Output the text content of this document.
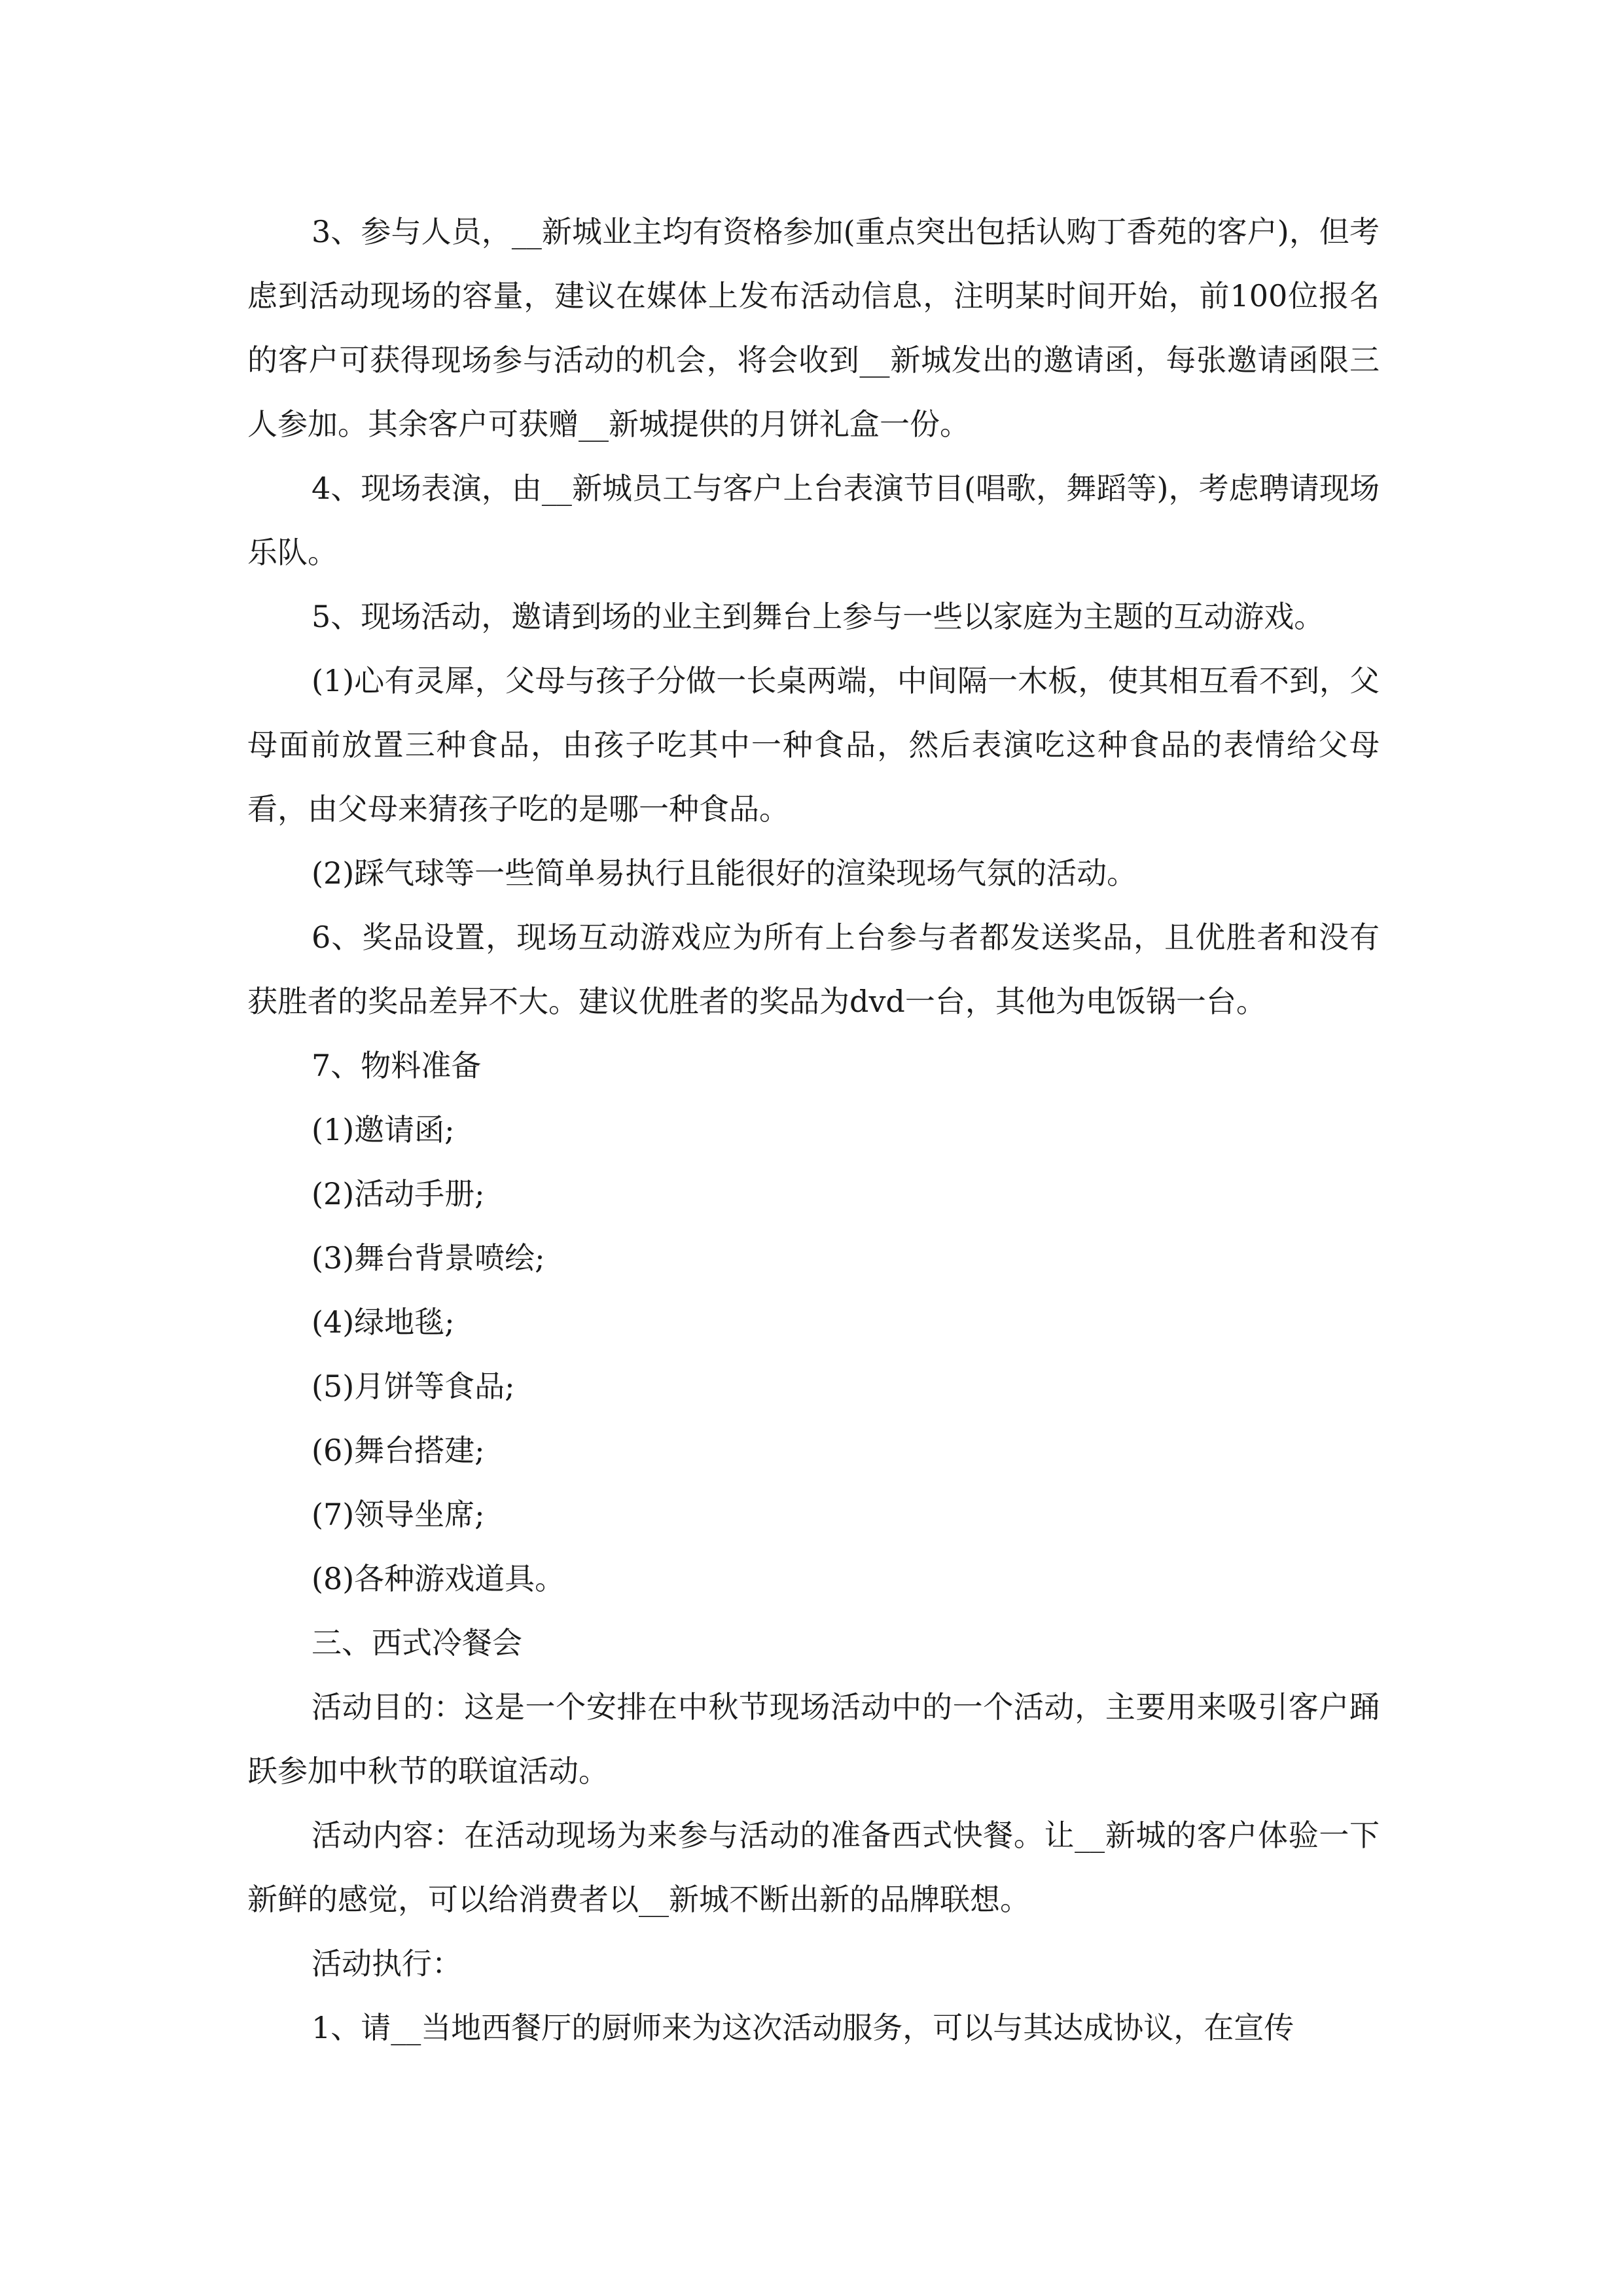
3、参与人员，__新城业主均有资格参加(重点突出包括认购丁香苑的客户)，但考虑到活动现场的容量，建议在媒体上发布活动信息，注明某时间开始，前100位报名的客户可获得现场参与活动的机会，将会收到__新城发出的邀请函，每张邀请函限三人参加。其余客户可获赠__新城提供的月饼礼盒一份。

4、现场表演，由__新城员工与客户上台表演节目(唱歌，舞蹈等)，考虑聘请现场乐队。

5、现场活动，邀请到场的业主到舞台上参与一些以家庭为主题的互动游戏。

(1)心有灵犀，父母与孩子分做一长桌两端，中间隔一木板，使其相互看不到，父母面前放置三种食品，由孩子吃其中一种食品，然后表演吃这种食品的表情给父母看，由父母来猜孩子吃的是哪一种食品。

(2)踩气球等一些简单易执行且能很好的渲染现场气氛的活动。

6、奖品设置，现场互动游戏应为所有上台参与者都发送奖品，且优胜者和没有获胜者的奖品差异不大。建议优胜者的奖品为dvd一台，其他为电饭锅一台。

7、物料准备

(1)邀请函;

(2)活动手册;

(3)舞台背景喷绘;

(4)绿地毯;

(5)月饼等食品;

(6)舞台搭建;

(7)领导坐席;

(8)各种游戏道具。

三、西式冷餐会

活动目的：这是一个安排在中秋节现场活动中的一个活动，主要用来吸引客户踊跃参加中秋节的联谊活动。

活动内容：在活动现场为来参与活动的准备西式快餐。让__新城的客户体验一下新鲜的感觉，可以给消费者以__新城不断出新的品牌联想。

活动执行：

1、请__当地西餐厅的厨师来为这次活动服务，可以与其达成协议，在宣传
